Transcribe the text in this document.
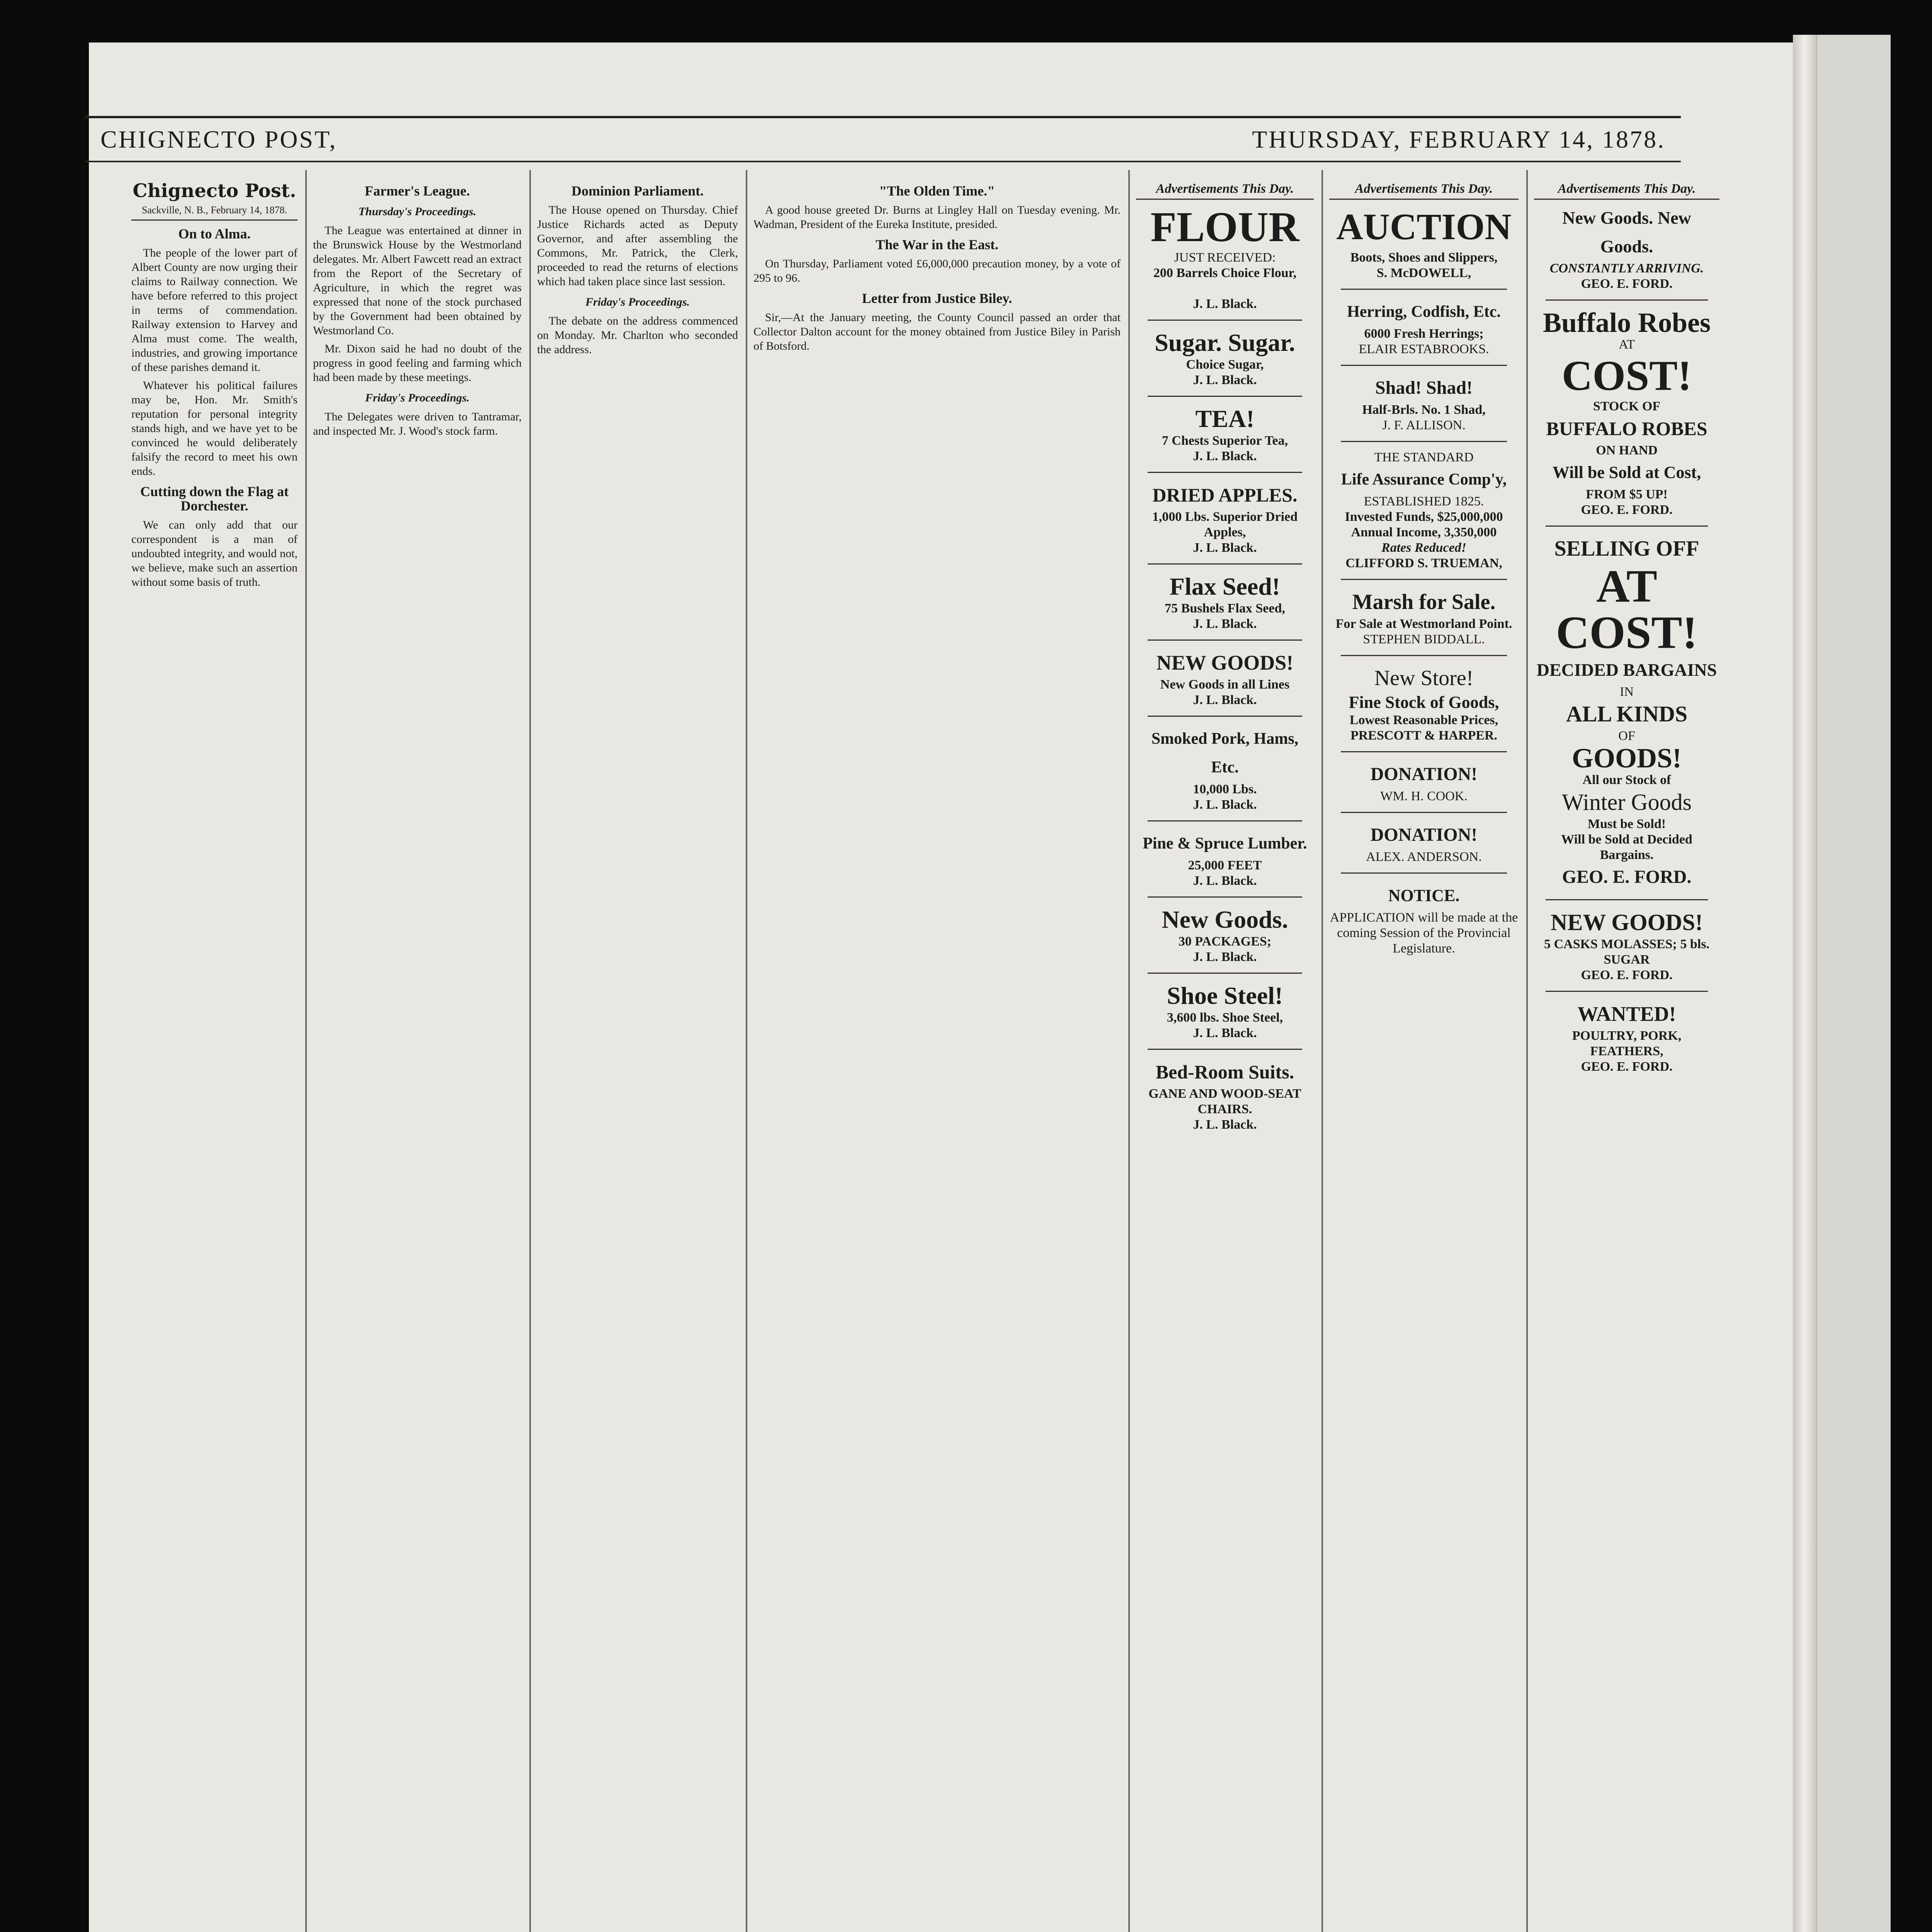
CHIGNECTO POST,	THURSDAY, FEBRUARY 14, 1878.
Chignecto Post.
Sackville, N. B., February 14, 1878.
On to Alma.

The people of the lower part of Albert County are now urging their claims to Railway connection. We have before referred to this project in terms of commendation. Railway extension to Harvey and Alma must come. The wealth, industries, and growing importance of these parishes demand it.

Whatever his political failures may be, Hon. Mr. Smith's reputation for personal integrity stands high, and we have yet to be convinced he would deliberately falsify the record to meet his own ends.

Cutting down the Flag at Dorchester.

We can only add that our correspondent is a man of undoubted integrity, and would not, we believe, make such an assertion without some basis of truth.

Farmer's League.
Thursday's Proceedings.

The League was entertained at dinner in the Brunswick House by the Westmorland delegates. Mr. Albert Fawcett read an extract from the Report of the Secretary of Agriculture, in which the regret was expressed that none of the stock purchased by the Government had been obtained by Westmorland Co.

Mr. Dixon said he had no doubt of the progress in good feeling and farming which had been made by these meetings.

Friday's Proceedings.

The Delegates were driven to Tantramar, and inspected Mr. J. Wood's stock farm.

Dominion Parliament.

The House opened on Thursday. Chief Justice Richards acted as Deputy Governor, and after assembling the Commons, Mr. Patrick, the Clerk, proceeded to read the returns of elections which had taken place since last session.

Friday's Proceedings.

The debate on the address commenced on Monday. Mr. Charlton who seconded the address.

"The Olden Time."

A good house greeted Dr. Burns at Lingley Hall on Tuesday evening. Mr. Wadman, President of the Eureka Institute, presided.

The War in the East.

On Thursday, Parliament voted £6,000,000 precaution money, by a vote of 295 to 96.

Letter from Justice Biley.

Sir,—At the January meeting, the County Council passed an order that Collector Dalton account for the money obtained from Justice Biley in Parish of Botsford.

Advertisements This Day.
FLOUR
JUST RECEIVED:
200 Barrels Choice Flour,
J. L. Black.
Sugar. Sugar.
Choice Sugar,
J. L. Black.
TEA!
7 Chests Superior Tea,
J. L. Black.
DRIED APPLES.
1,000 Lbs. Superior Dried Apples,
J. L. Black.
Flax Seed!
75 Bushels Flax Seed,
J. L. Black.
NEW GOODS!
New Goods in all Lines
J. L. Black.
Smoked Pork, Hams, Etc.
10,000 Lbs.
J. L. Black.
Pine & Spruce Lumber.
25,000 FEET
J. L. Black.
New Goods.
30 PACKAGES;
J. L. Black.
Shoe Steel!
3,600 lbs. Shoe Steel,
J. L. Black.
Bed-Room Suits.
GANE AND WOOD-SEAT CHAIRS.
J. L. Black.
Advertisements This Day.
AUCTION
Boots, Shoes and Slippers,
S. McDOWELL,
Herring, Codfish, Etc.
6000 Fresh Herrings;
ELAIR ESTABROOKS.
Shad! Shad!
Half-Brls. No. 1 Shad,
J. F. ALLISON.
THE STANDARD
Life Assurance Comp'y,
ESTABLISHED 1825.
Invested Funds, $25,000,000
Annual Income, 3,350,000
Rates Reduced!
CLIFFORD S. TRUEMAN,
Marsh for Sale.
For Sale at Westmorland Point.
STEPHEN BIDDALL.
New Store!
Fine Stock of Goods,
Lowest Reasonable Prices,
PRESCOTT & HARPER.
DONATION!
WM. H. COOK.
DONATION!
ALEX. ANDERSON.
NOTICE.
APPLICATION will be made at the coming Session of the Provincial Legislature.
Advertisements This Day.
New Goods. New Goods.
CONSTANTLY ARRIVING.
GEO. E. FORD.
Buffalo Robes
AT
COST!
STOCK OF
BUFFALO ROBES
ON HAND
Will be Sold at Cost,
FROM $5 UP!
GEO. E. FORD.
SELLING OFF
AT COST!
DECIDED BARGAINS
IN
ALL KINDS
OF
GOODS!
All our Stock of
Winter Goods
Must be Sold!
Will be Sold at Decided Bargains.
GEO. E. FORD.
NEW GOODS!
5 CASKS MOLASSES; 5 bls. SUGAR
GEO. E. FORD.
WANTED!
POULTRY, PORK, FEATHERS,
GEO. E. FORD.
